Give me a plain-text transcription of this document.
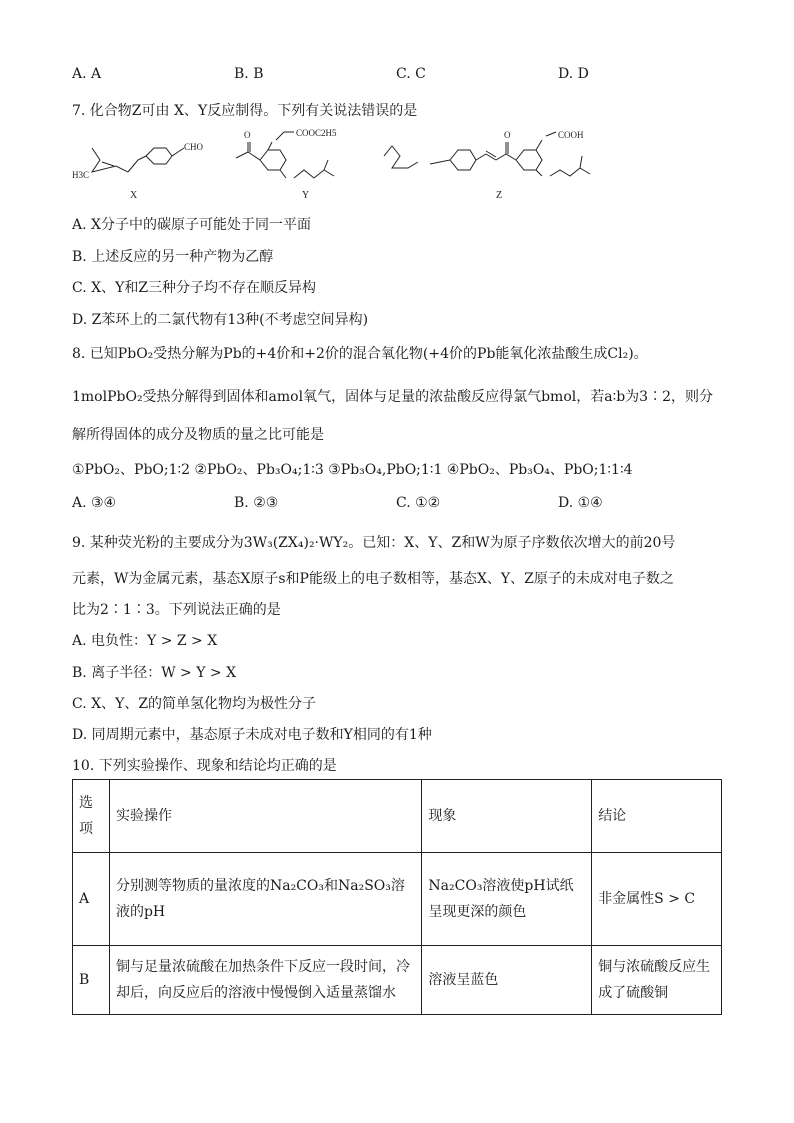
A. A	B. B	C. C	D. D
7. 化合物Z可由 X、Y反应制得。下列有关说法错误的是
H3C
CHO
COOC2H5	COOH
O	O
X	Y	Z
A. X分子中的碳原子可能处于同一平面
B. 上述反应的另一种产物为乙醇
C. X、Y和Z三种分子均不存在顺反异构
D. Z苯环上的二氯代物有13种(不考虑空间异构)
8. 已知PbO₂受热分解为Pb的+4价和+2价的混合氧化物(+4价的Pb能氧化浓盐酸生成Cl₂)。
1molPbO₂受热分解得到固体和amol氧气，固体与足量的浓盐酸反应得氯气bmol，若a∶b为3∶2，则分
解所得固体的成分及物质的量之比可能是
①PbO₂、PbO;1∶2 ②PbO₂、Pb₃O₄;1∶3 ③Pb₃O₄,PbO;1∶1 ④PbO₂、Pb₃O₄、PbO;1∶1∶4
A. ③④	B. ②③	C. ①②	D. ①④
9. 某种荧光粉的主要成分为3W₃(ZX₄)₂·WY₂。已知：X、Y、Z和W为原子序数依次增大的前20号
元素，W为金属元素，基态X原子s和P能级上的电子数相等，基态X、Y、Z原子的未成对电子数之
比为2∶1∶3。下列说法正确的是
A. 电负性：Y > Z > X
B. 离子半径：W > Y > X
C. X、Y、Z的简单氢化物均为极性分子
D. 同周期元素中，基态原子未成对电子数和Y相同的有1种
10. 下列实验操作、现象和结论均正确的是
选项	实验操作	现象	结论
A	分别测等物质的量浓度的Na₂CO₃和Na₂SO₃溶液的pH	Na₂CO₃溶液使pH试纸呈现更深的颜色	非金属性S > C
B	铜与足量浓硫酸在加热条件下反应一段时间，冷却后，向反应后的溶液中慢慢倒入适量蒸馏水	溶液呈蓝色	铜与浓硫酸反应生成了硫酸铜
